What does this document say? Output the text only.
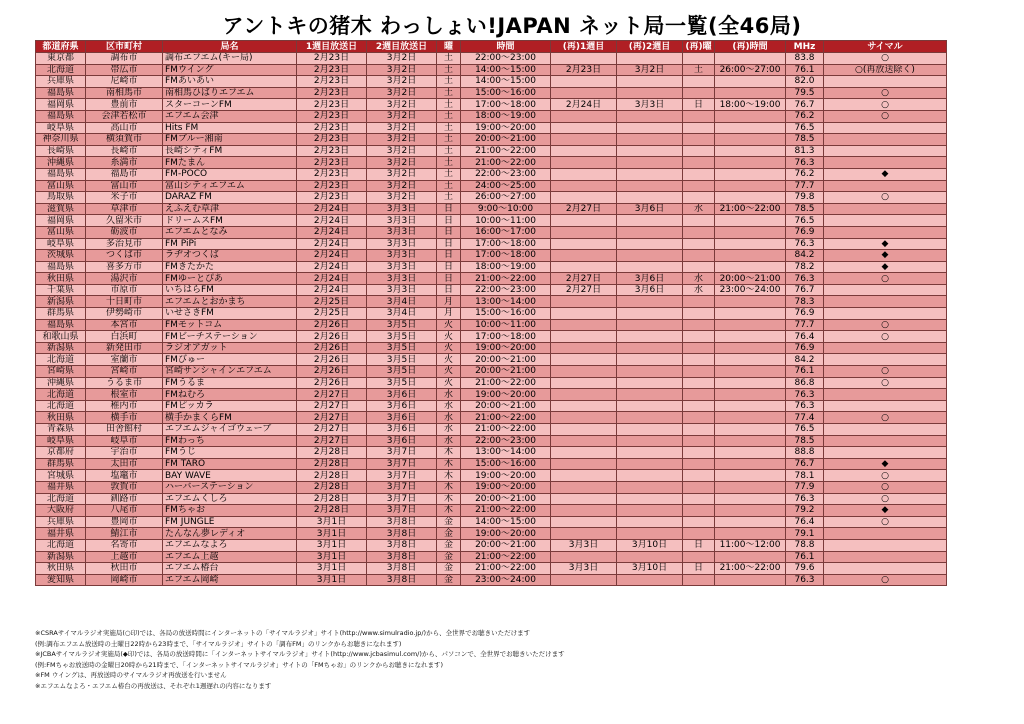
アントキの猪木 わっしょい!JAPAN ネット局一覧(全46局)
都道府県	区市町村	局名	1週目放送日	2週目放送日	曜	時間	(再)1週目	(再)2週目	(再)曜	(再)時間	MHz	サイマル
東京都	調布市	調布エフエム(キー局)	2月23日	3月2日	土	22:00～23:00					83.8	○
北海道	帯広市	FMウイング	2月23日	3月2日	土	14:00～15:00	2月23日	3月2日	土	26:00～27:00	76.1	○(再放送除く)
兵庫県	尼崎市	FMあいあい	2月23日	3月2日	土	14:00～15:00					82.0	
福島県	南相馬市	南相馬ひばりエフエム	2月23日	3月2日	土	15:00～16:00					79.5	○
福岡県	豊前市	スターコーンFM	2月23日	3月2日	土	17:00～18:00	2月24日	3月3日	日	18:00～19:00	76.7	○
福島県	会津若松市	エフエム会津	2月23日	3月2日	土	18:00～19:00					76.2	○
岐阜県	高山市	Hits FM	2月23日	3月2日	土	19:00～20:00					76.5	
神奈川県	横須賀市	FMブルー湘南	2月23日	3月2日	土	20:00～21:00					78.5	
長崎県	長崎市	長崎シティFM	2月23日	3月2日	土	21:00～22:00					81.3	
沖縄県	糸満市	FMたまん	2月23日	3月2日	土	21:00～22:00					76.3	
福島県	福島市	FM-POCO	2月23日	3月2日	土	22:00～23:00					76.2	◆
富山県	富山市	富山シティエフエム	2月23日	3月2日	土	24:00～25:00					77.7	
鳥取県	米子市	DARAZ FM	2月23日	3月2日	土	26:00～27:00					79.8	○
滋賀県	草津市	えふえむ草津	2月24日	3月3日	日	9:00～10:00	2月27日	3月6日	水	21:00～22:00	78.5	
福岡県	久留米市	ドリームスFM	2月24日	3月3日	日	10:00～11:00					76.5	
富山県	砺波市	エフエムとなみ	2月24日	3月3日	日	16:00～17:00					76.9	
岐阜県	多治見市	FM PiPi	2月24日	3月3日	日	17:00～18:00					76.3	◆
茨城県	つくば市	ラヂオつくば	2月24日	3月3日	日	17:00～18:00					84.2	◆
福島県	喜多方市	FMきたかた	2月24日	3月3日	日	18:00～19:00					78.2	◆
秋田県	湯沢市	FMゆーとぴあ	2月24日	3月3日	日	21:00～22:00	2月27日	3月6日	水	20:00～21:00	76.3	○
千葉県	市原市	いちはらFM	2月24日	3月3日	日	22:00～23:00	2月27日	3月6日	水	23:00～24:00	76.7	
新潟県	十日町市	エフエムとおかまち	2月25日	3月4日	月	13:00～14:00					78.3	
群馬県	伊勢崎市	いせさきFM	2月25日	3月4日	月	15:00～16:00					76.9	
福島県	本宮市	FMモットコム	2月26日	3月5日	火	10:00～11:00					77.7	○
和歌山県	白浜町	FMビーチステーション	2月26日	3月5日	火	17:00～18:00					76.4	○
新潟県	新発田市	ラジオアガット	2月26日	3月5日	火	19:00～20:00					76.9	
北海道	室蘭市	FMびゅー	2月26日	3月5日	火	20:00～21:00					84.2	
宮崎県	宮崎市	宮崎サンシャインエフエム	2月26日	3月5日	火	20:00～21:00					76.1	○
沖縄県	うるま市	FMうるま	2月26日	3月5日	火	21:00～22:00					86.8	○
北海道	根室市	FMねむろ	2月27日	3月6日	水	19:00～20:00					76.3	
北海道	稚内市	FMピッカラ	2月27日	3月6日	水	20:00～21:00					76.3	
秋田県	横手市	横手かまくらFM	2月27日	3月6日	水	21:00～22:00					77.4	○
青森県	田舎館村	エフエムジャイゴウェーブ	2月27日	3月6日	水	21:00～22:00					76.5	
岐阜県	岐阜市	FMわっち	2月27日	3月6日	水	22:00～23:00					78.5	
京都府	宇治市	FMうじ	2月28日	3月7日	木	13:00～14:00					88.8	
群馬県	太田市	FM TARO	2月28日	3月7日	木	15:00～16:00					76.7	◆
宮城県	塩竈市	BAY WAVE	2月28日	3月7日	木	19:00～20:00					78.1	○
福井県	敦賀市	ハーバーステーション	2月28日	3月7日	木	19:00～20:00					77.9	○
北海道	釧路市	エフエムくしろ	2月28日	3月7日	木	20:00～21:00					76.3	○
大阪府	八尾市	FMちゃお	2月28日	3月7日	木	21:00～22:00					79.2	◆
兵庫県	豊岡市	FM JUNGLE	3月1日	3月8日	金	14:00～15:00					76.4	○
福井県	鯖江市	たんなん夢レディオ	3月1日	3月8日	金	19:00～20:00					79.1	
北海道	名寄市	エフエムなよろ	3月1日	3月8日	金	20:00～21:00	3月3日	3月10日	日	11:00～12:00	78.8	
新潟県	上越市	エフエム上越	3月1日	3月8日	金	21:00～22:00					76.1	
秋田県	秋田市	エフエム椿台	3月1日	3月8日	金	21:00～22:00	3月3日	3月10日	日	21:00～22:00	79.6	
愛知県	岡崎市	エフエム岡崎	3月1日	3月8日	金	23:00～24:00					76.3	○
※CSRAサイマルラジオ実施局(○印)では、各局の放送時間にインターネットの「サイマルラジオ」サイト(http://www.simulradio.jp/)から、全世界でお聴きいただけます
(例:調布エフエム放送時の土曜日22時から23時まで、「サイマルラジオ」サイトの「調布FM」のリンクからお聴きになれます)
※JCBAサイマルラジオ実施局(◆印)では、各局の放送時間に「インターネットサイマルラジオ」サイト(http://www.jcbasimul.com/)から、パソコンで、全世界でお聴きいただけます
(例:FMちゃお放送時の金曜日20時から21時まで、「インターネットサイマルラジオ」サイトの「FMちゃお」のリンクからお聴きになれます)
※FM ウイングは、再放送時のサイマルラジオ再放送を行いません
※エフエムなよろ・エフエム椿台の再放送は、それぞれ1週遅れの内容になります
